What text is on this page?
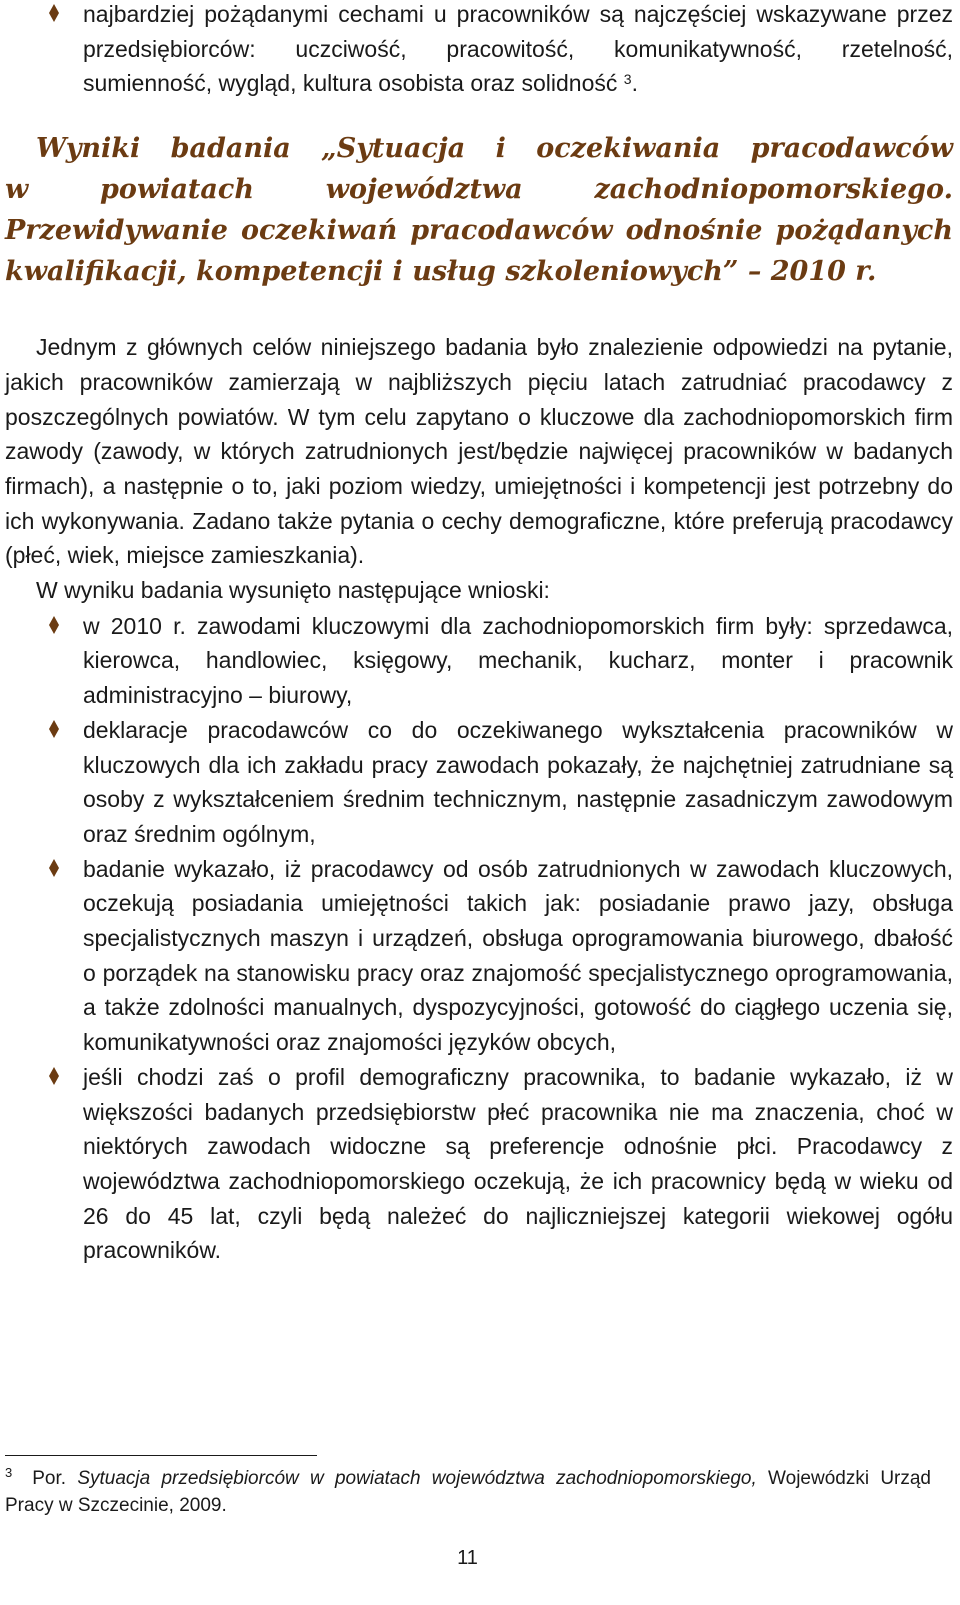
najbardziej pożądanymi cechami u pracowników są najczęściej wskazywane przez przedsiębiorców: uczciwość, pracowitość, komunikatywność, rzetelność, sumienność, wygląd, kultura osobista oraz solidność $^3$.

Wyniki badania „Sytuacja i oczekiwania pracodawców

w powiatach województwa zachodniopomorskiego. Przewidywanie oczekiwań pracodawców odnośnie pożądanych kwalifikacji, kompetencji i usług szkoleniowych” – 2010 r.

Jednym z głównych celów niniejszego badania było znalezienie odpowiedzi na pytanie, jakich pracowników zamierzają w najbliższych pięciu latach zatrudniać pracodawcy z poszczególnych powiatów. W tym celu zapytano o kluczowe dla zachodniopomorskich firm zawody (zawody, w których zatrudnionych jest/będzie najwięcej pracowników w badanych firmach), a następnie o to, jaki poziom wiedzy, umiejętności i kompetencji jest potrzebny do ich wykonywania. Zadano także pytania o cechy demograficzne, które preferują pracodawcy (płeć, wiek, miejsce zamieszkania).

W wyniku badania wysunięto następujące wnioski:

w 2010 r. zawodami kluczowymi dla zachodniopomorskich firm były: sprzedawca, kierowca, handlowiec, księgowy, mechanik, kucharz, monter i pracownik administracyjno – biurowy,

deklaracje pracodawców co do oczekiwanego wykształcenia pracowników w kluczowych dla ich zakładu pracy zawodach pokazały, że najchętniej zatrudniane są osoby z wykształceniem średnim technicznym, następnie zasadniczym zawodowym oraz średnim ogólnym,

badanie wykazało, iż pracodawcy od osób zatrudnionych w zawodach kluczowych, oczekują posiadania umiejętności takich jak: posiadanie prawo jazy, obsługa specjalistycznych maszyn i urządzeń, obsługa oprogramowania biurowego, dbałość o porządek na stanowisku pracy oraz znajomość specjalistycznego oprogramowania, a także zdolności manualnych, dyspozycyjności, gotowość do ciągłego uczenia się, komunikatywności oraz znajomości języków obcych,

jeśli chodzi zaś o profil demograficzny pracownika, to badanie wykazało, iż w większości badanych przedsiębiorstw płeć pracownika nie ma znaczenia, choć w niektórych zawodach widoczne są preferencje odnośnie płci. Pracodawcy z województwa zachodniopomorskiego oczekują, że ich pracownicy będą w wieku od 26 do 45 lat, czyli będą należeć do najliczniejszej kategorii wiekowej ogółu pracowników.

$^3$ Por. Sytuacja przedsiębiorców w powiatach województwa zachodniopomorskiego, Wojewódzki Urząd Pracy w Szczecinie, 2009.

11
